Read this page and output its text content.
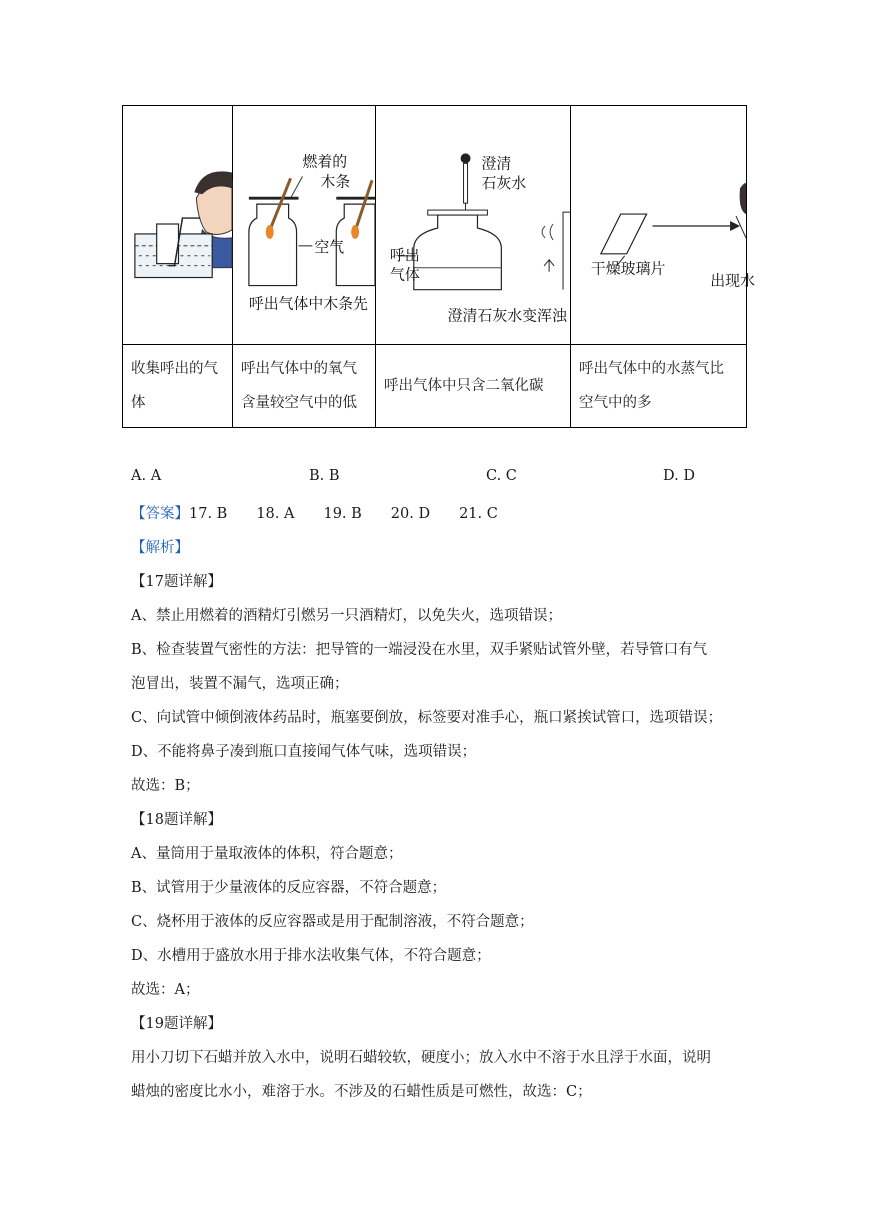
燃着的
木条
空气
呼出气体中木条先	澄清
石灰水
呼出
气体
澄清石灰水变浑浊	干燥玻璃片
出现水

收集呼出的气体	呼出气体中的氧气含量较空气中的低	呼出气体中只含二氧化碳	呼出气体中的水蒸气比空气中的多
A. A	B. B	C. C	D. D
【答案】17. B　　18. A　　19. B　　20. D　　21. C
【解析】
【17题详解】
A、禁止用燃着的酒精灯引燃另一只酒精灯，以免失火，选项错误；
B、检查装置气密性的方法：把导管的一端浸没在水里，双手紧贴试管外壁，若导管口有气
泡冒出，装置不漏气，选项正确；
C、向试管中倾倒液体药品时，瓶塞要倒放，标签要对准手心，瓶口紧挨试管口，选项错误；
D、不能将鼻子凑到瓶口直接闻气体气味，选项错误；
故选：B；
【18题详解】
A、量筒用于量取液体的体积，符合题意；
B、试管用于少量液体的反应容器，不符合题意；
C、烧杯用于液体的反应容器或是用于配制溶液，不符合题意；
D、水槽用于盛放水用于排水法收集气体，不符合题意；
故选：A；
【19题详解】
用小刀切下石蜡并放入水中，说明石蜡较软，硬度小；放入水中不溶于水且浮于水面，说明
蜡烛的密度比水小，难溶于水。不涉及的石蜡性质是可燃性，故选：C；
